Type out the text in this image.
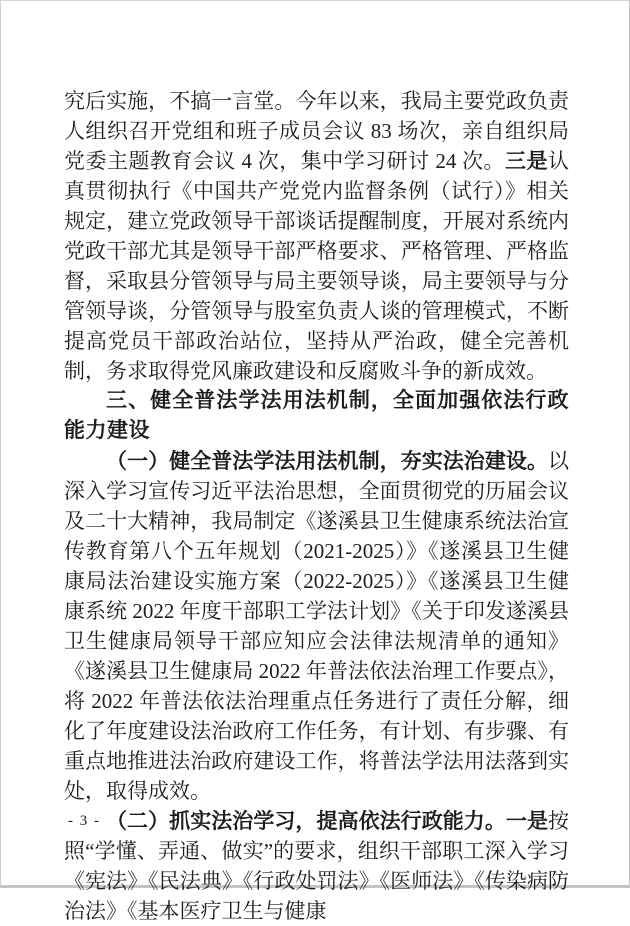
究后实施，不搞一言堂。今年以来，我局主要党政负责人组织召开党组和班子成员会议 83 场次，亲自组织局党委主题教育会议 4 次，集中学习研讨 24 次。三是认真贯彻执行《中国共产党党内监督条例（试行）》相关规定，建立党政领导干部谈话提醒制度，开展对系统内党政干部尤其是领导干部严格要求、严格管理、严格监督，采取县分管领导与局主要领导谈，局主要领导与分管领导谈，分管领导与股室负责人谈的管理模式，不断提高党员干部政治站位，坚持从严治政，健全完善机制，务求取得党风廉政建设和反腐败斗争的新成效。

三、健全普法学法用法机制，全面加强依法行政能力建设

（一）健全普法学法用法机制，夯实法治建设。以深入学习宣传习近平法治思想，全面贯彻党的历届会议及二十大精神，我局制定《遂溪县卫生健康系统法治宣传教育第八个五年规划（2021-2025）》《遂溪县卫生健康局法治建设实施方案（2022-2025）》《遂溪县卫生健康系统 2022 年度干部职工学法计划》《关于印发遂溪县卫生健康局领导干部应知应会法律法规清单的通知》《遂溪县卫生健康局 2022 年普法依法治理工作要点》，将 2022 年普法依法治理重点任务进行了责任分解，细化了年度建设法治政府工作任务，有计划、有步骤、有重点地推进法治政府建设工作，将普法学法用法落到实处，取得成效。

（二）抓实法治学习，提高依法行政能力。一是按照“学懂、弄通、做实”的要求，组织干部职工深入学习《宪法》《民法典》《行政处罚法》《医师法》《传染病防治法》《基本医疗卫生与健康

- 3 -
